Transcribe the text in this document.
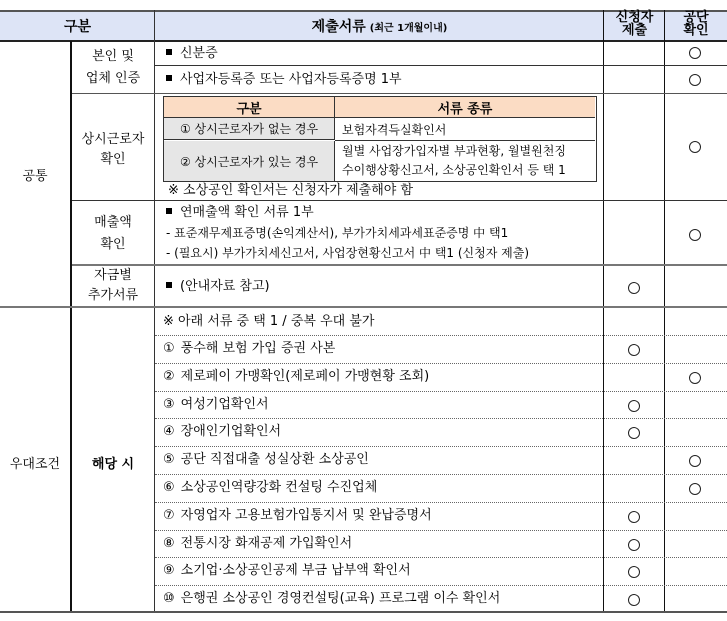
구분	제출서류 (최근 1개월이내)
신청자
제출
공단
확인
공통
본인 및
업체 인증
신분증
사업자등록증 또는 사업자등록증명 1부
상시근로자
확인
구분	서류 종류
① 상시근로자가 없는 경우 보험자격득실확인서
② 상시근로자가 있는 경우
월별 사업장가입자별 부과현황, 월별원천징
수이행상황신고서, 소상공인확인서 등 택 1
※ 소상공인 확인서는 신청자가 제출해야 함
매출액
확인
연매출액 확인 서류 1부
- 표준재무제표증명(손익계산서), 부가가치세과세표준증명 中 택1
- (필요시) 부가가치세신고서, 사업장현황신고서 中 택1 (신청자 제출)
자금별
추가서류
(안내자료 참고)
우대조건 해당 시
※ 아래 서류 중 택 1 / 중복 우대 불가
① 풍수해 보험 가입 증권 사본
② 제로페이 가맹확인(제로페이 가맹현황 조회)
③ 여성기업확인서
④ 장애인기업확인서
⑤ 공단 직접대출 성실상환 소상공인
⑥ 소상공인역량강화 컨설팅 수진업체
⑦ 자영업자 고용보험가입통지서 및 완납증명서
⑧ 전통시장 화재공제 가입확인서
⑨ 소기업·소상공인공제 부금 납부액 확인서
⑩ 은행권 소상공인 경영컨설팅(교육) 프로그램 이수 확인서
